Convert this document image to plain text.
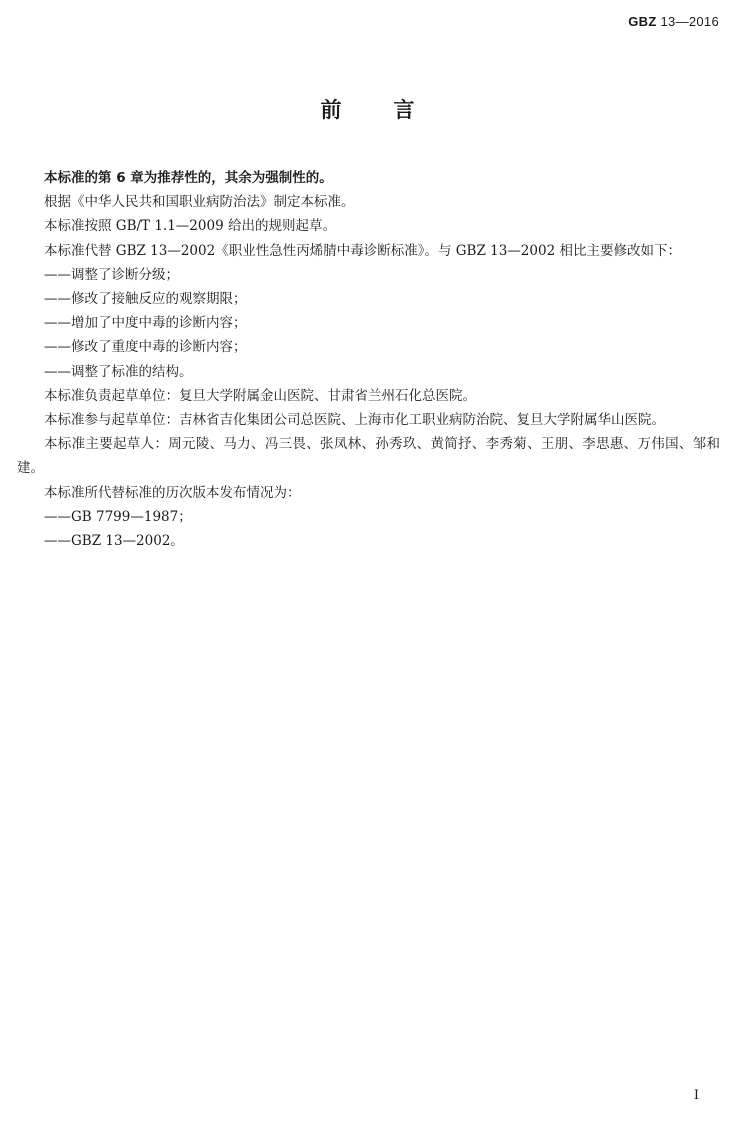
GBZ 13—2016
前 言

本标准的第 6 章为推荐性的，其余为强制性的。

根据《中华人民共和国职业病防治法》制定本标准。

本标准按照 GB/T 1.1—2009 给出的规则起草。

本标准代替 GBZ 13—2002《职业性急性丙烯腈中毒诊断标准》。与 GBZ 13—2002 相比主要修改如下：

——调整了诊断分级；

——修改了接触反应的观察期限；

——增加了中度中毒的诊断内容；

——修改了重度中毒的诊断内容；

——调整了标准的结构。

本标准负责起草单位：复旦大学附属金山医院、甘肃省兰州石化总医院。

本标准参与起草单位：吉林省吉化集团公司总医院、上海市化工职业病防治院、复旦大学附属华山医院。

本标准主要起草人：周元陵、马力、冯三畏、张凤林、孙秀玖、黄简抒、李秀菊、王朋、李思惠、万伟国、邹和建。

本标准所代替标准的历次版本发布情况为：

——GB 7799—1987；

——GBZ 13—2002。

I
